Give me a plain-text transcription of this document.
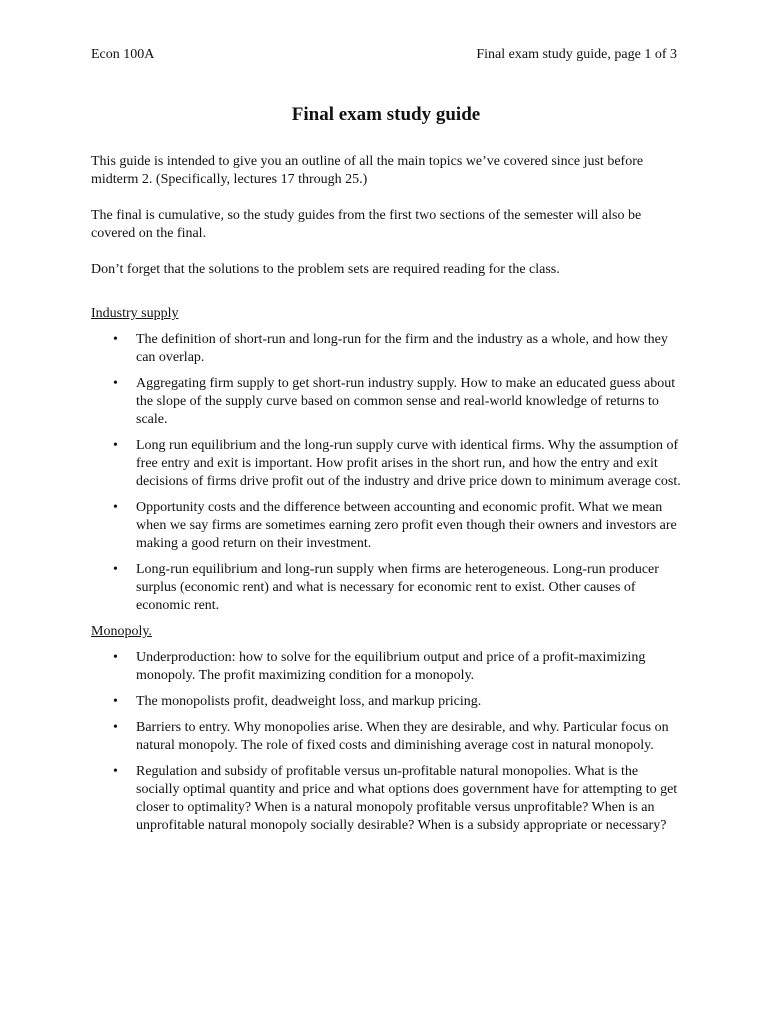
Econ 100A	Final exam study guide, page 1 of 3
Final exam study guide

This guide is intended to give you an outline of all the main topics we’ve covered since just before midterm 2. (Specifically, lectures 17 through 25.)

The final is cumulative, so the study guides from the first two sections of the semester will also be covered on the final.

Don’t forget that the solutions to the problem sets are required reading for the class.

Industry supply
• The definition of short-run and long-run for the firm and the industry as a whole, and how they can overlap.
• Aggregating firm supply to get short-run industry supply. How to make an educated guess about the slope of the supply curve based on common sense and real-world knowledge of returns to scale.
• Long run equilibrium and the long-run supply curve with identical firms. Why the assumption of free entry and exit is important. How profit arises in the short run, and how the entry and exit decisions of firms drive profit out of the industry and drive price down to minimum average cost.
• Opportunity costs and the difference between accounting and economic profit. What we mean when we say firms are sometimes earning zero profit even though their owners and investors are making a good return on their investment.
• Long-run equilibrium and long-run supply when firms are heterogeneous. Long-run producer surplus (economic rent) and what is necessary for economic rent to exist. Other causes of economic rent.
Monopoly.
• Underproduction: how to solve for the equilibrium output and price of a profit-maximizing monopoly. The profit maximizing condition for a monopoly.
• The monopolists profit, deadweight loss, and markup pricing.
• Barriers to entry. Why monopolies arise. When they are desirable, and why. Particular focus on natural monopoly. The role of fixed costs and diminishing average cost in natural monopoly.
• Regulation and subsidy of profitable versus un-profitable natural monopolies. What is the socially optimal quantity and price and what options does government have for attempting to get closer to optimality? When is a natural monopoly profitable versus unprofitable? When is an unprofitable natural monopoly socially desirable? When is a subsidy appropriate or necessary?
